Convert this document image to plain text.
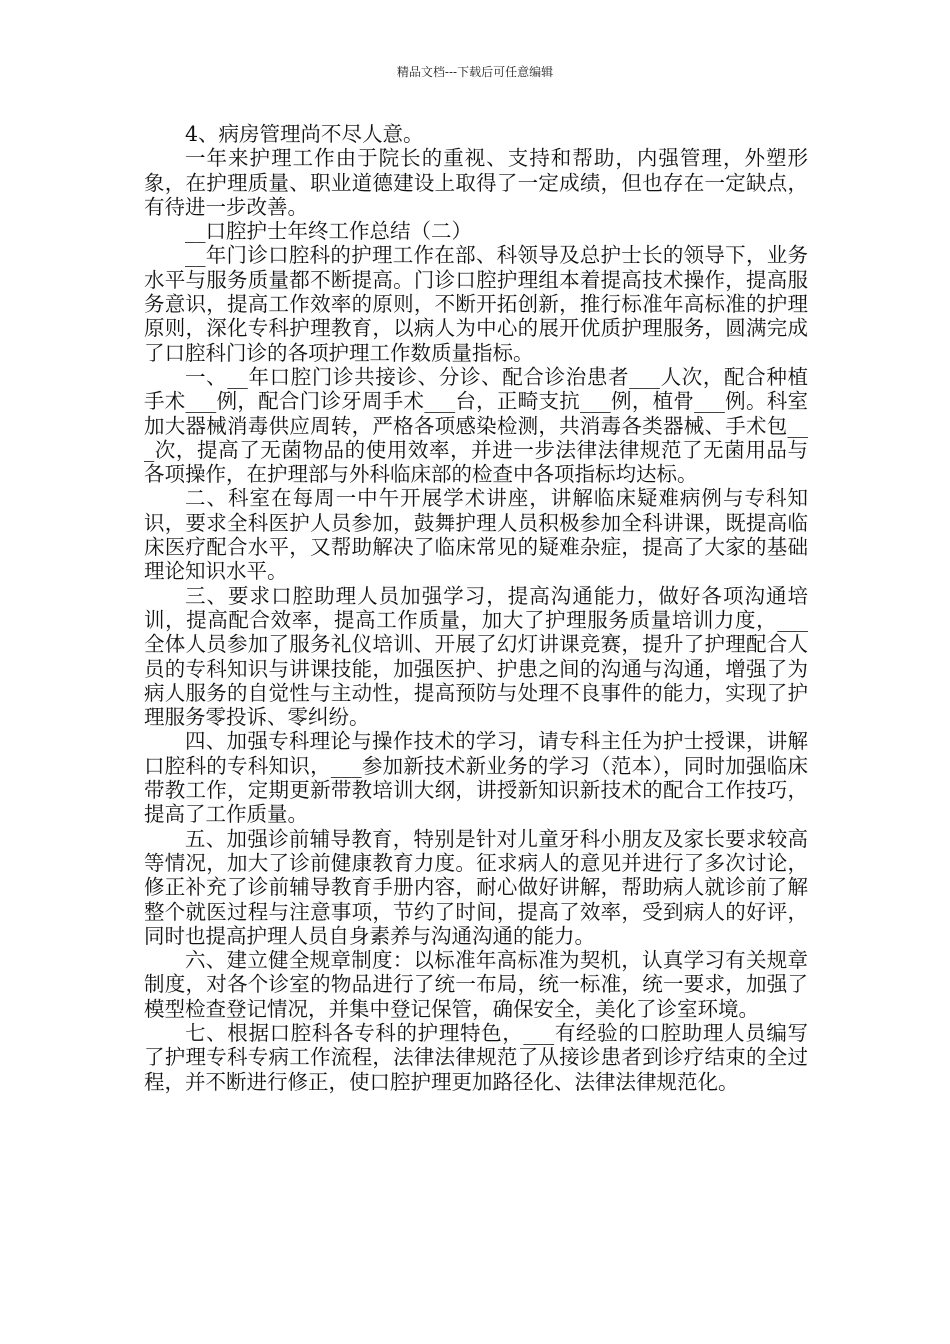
精品文档---下载后可任意编辑

4、病房管理尚不尽人意。

一年来护理工作由于院长的重视、支持和帮助，内强管理，外塑形象，在护理质量、职业道德建设上取得了一定成绩，但也存在一定缺点，有待进一步改善。

__口腔护士年终工作总结（二）

__年门诊口腔科的护理工作在部、科领导及总护士长的领导下，业务水平与服务质量都不断提高。门诊口腔护理组本着提高技术操作，提高服务意识，提高工作效率的原则，不断开拓创新，推行标准年高标准的护理原则，深化专科护理教育，以病人为中心的展开优质护理服务，圆满完成了口腔科门诊的各项护理工作数质量指标。

一、__年口腔门诊共接诊、分诊、配合诊治患者___人次，配合种植手术___例，配合门诊牙周手术___台，正畸支抗___例，植骨___例。科室加大器械消毒供应周转，严格各项感染检测，共消毒各类器械、手术包___次，提高了无菌物品的使用效率，并进一步法律法律规范了无菌用品与各项操作，在护理部与外科临床部的检查中各项指标均达标。

二、科室在每周一中午开展学术讲座，讲解临床疑难病例与专科知识，要求全科医护人员参加，鼓舞护理人员积极参加全科讲课，既提高临床医疗配合水平，又帮助解决了临床常见的疑难杂症，提高了大家的基础理论知识水平。

三、要求口腔助理人员加强学习，提高沟通能力，做好各项沟通培训，提高配合效率，提高工作质量，加大了护理服务质量培训力度，___全体人员参加了服务礼仪培训、开展了幻灯讲课竞赛，提升了护理配合人员的专科知识与讲课技能，加强医护、护患之间的沟通与沟通，增强了为病人服务的自觉性与主动性，提高预防与处理不良事件的能力，实现了护理服务零投诉、零纠纷。

四、加强专科理论与操作技术的学习，请专科主任为护士授课，讲解口腔科的专科知识，___参加新技术新业务的学习（范本），同时加强临床带教工作，定期更新带教培训大纲，讲授新知识新技术的配合工作技巧，提高了工作质量。

五、加强诊前辅导教育，特别是针对儿童牙科小朋友及家长要求较高等情况，加大了诊前健康教育力度。征求病人的意见并进行了多次讨论，修正补充了诊前辅导教育手册内容，耐心做好讲解，帮助病人就诊前了解整个就医过程与注意事项，节约了时间，提高了效率，受到病人的好评，同时也提高护理人员自身素养与沟通沟通的能力。

六、建立健全规章制度：以标准年高标准为契机，认真学习有关规章制度，对各个诊室的物品进行了统一布局，统一标准，统一要求，加强了模型检查登记情况，并集中登记保管，确保安全，美化了诊室环境。

七、根据口腔科各专科的护理特色，___有经验的口腔助理人员编写了护理专科专病工作流程，法律法律规范了从接诊患者到诊疗结束的全过程，并不断进行修正，使口腔护理更加路径化、法律法律规范化。
